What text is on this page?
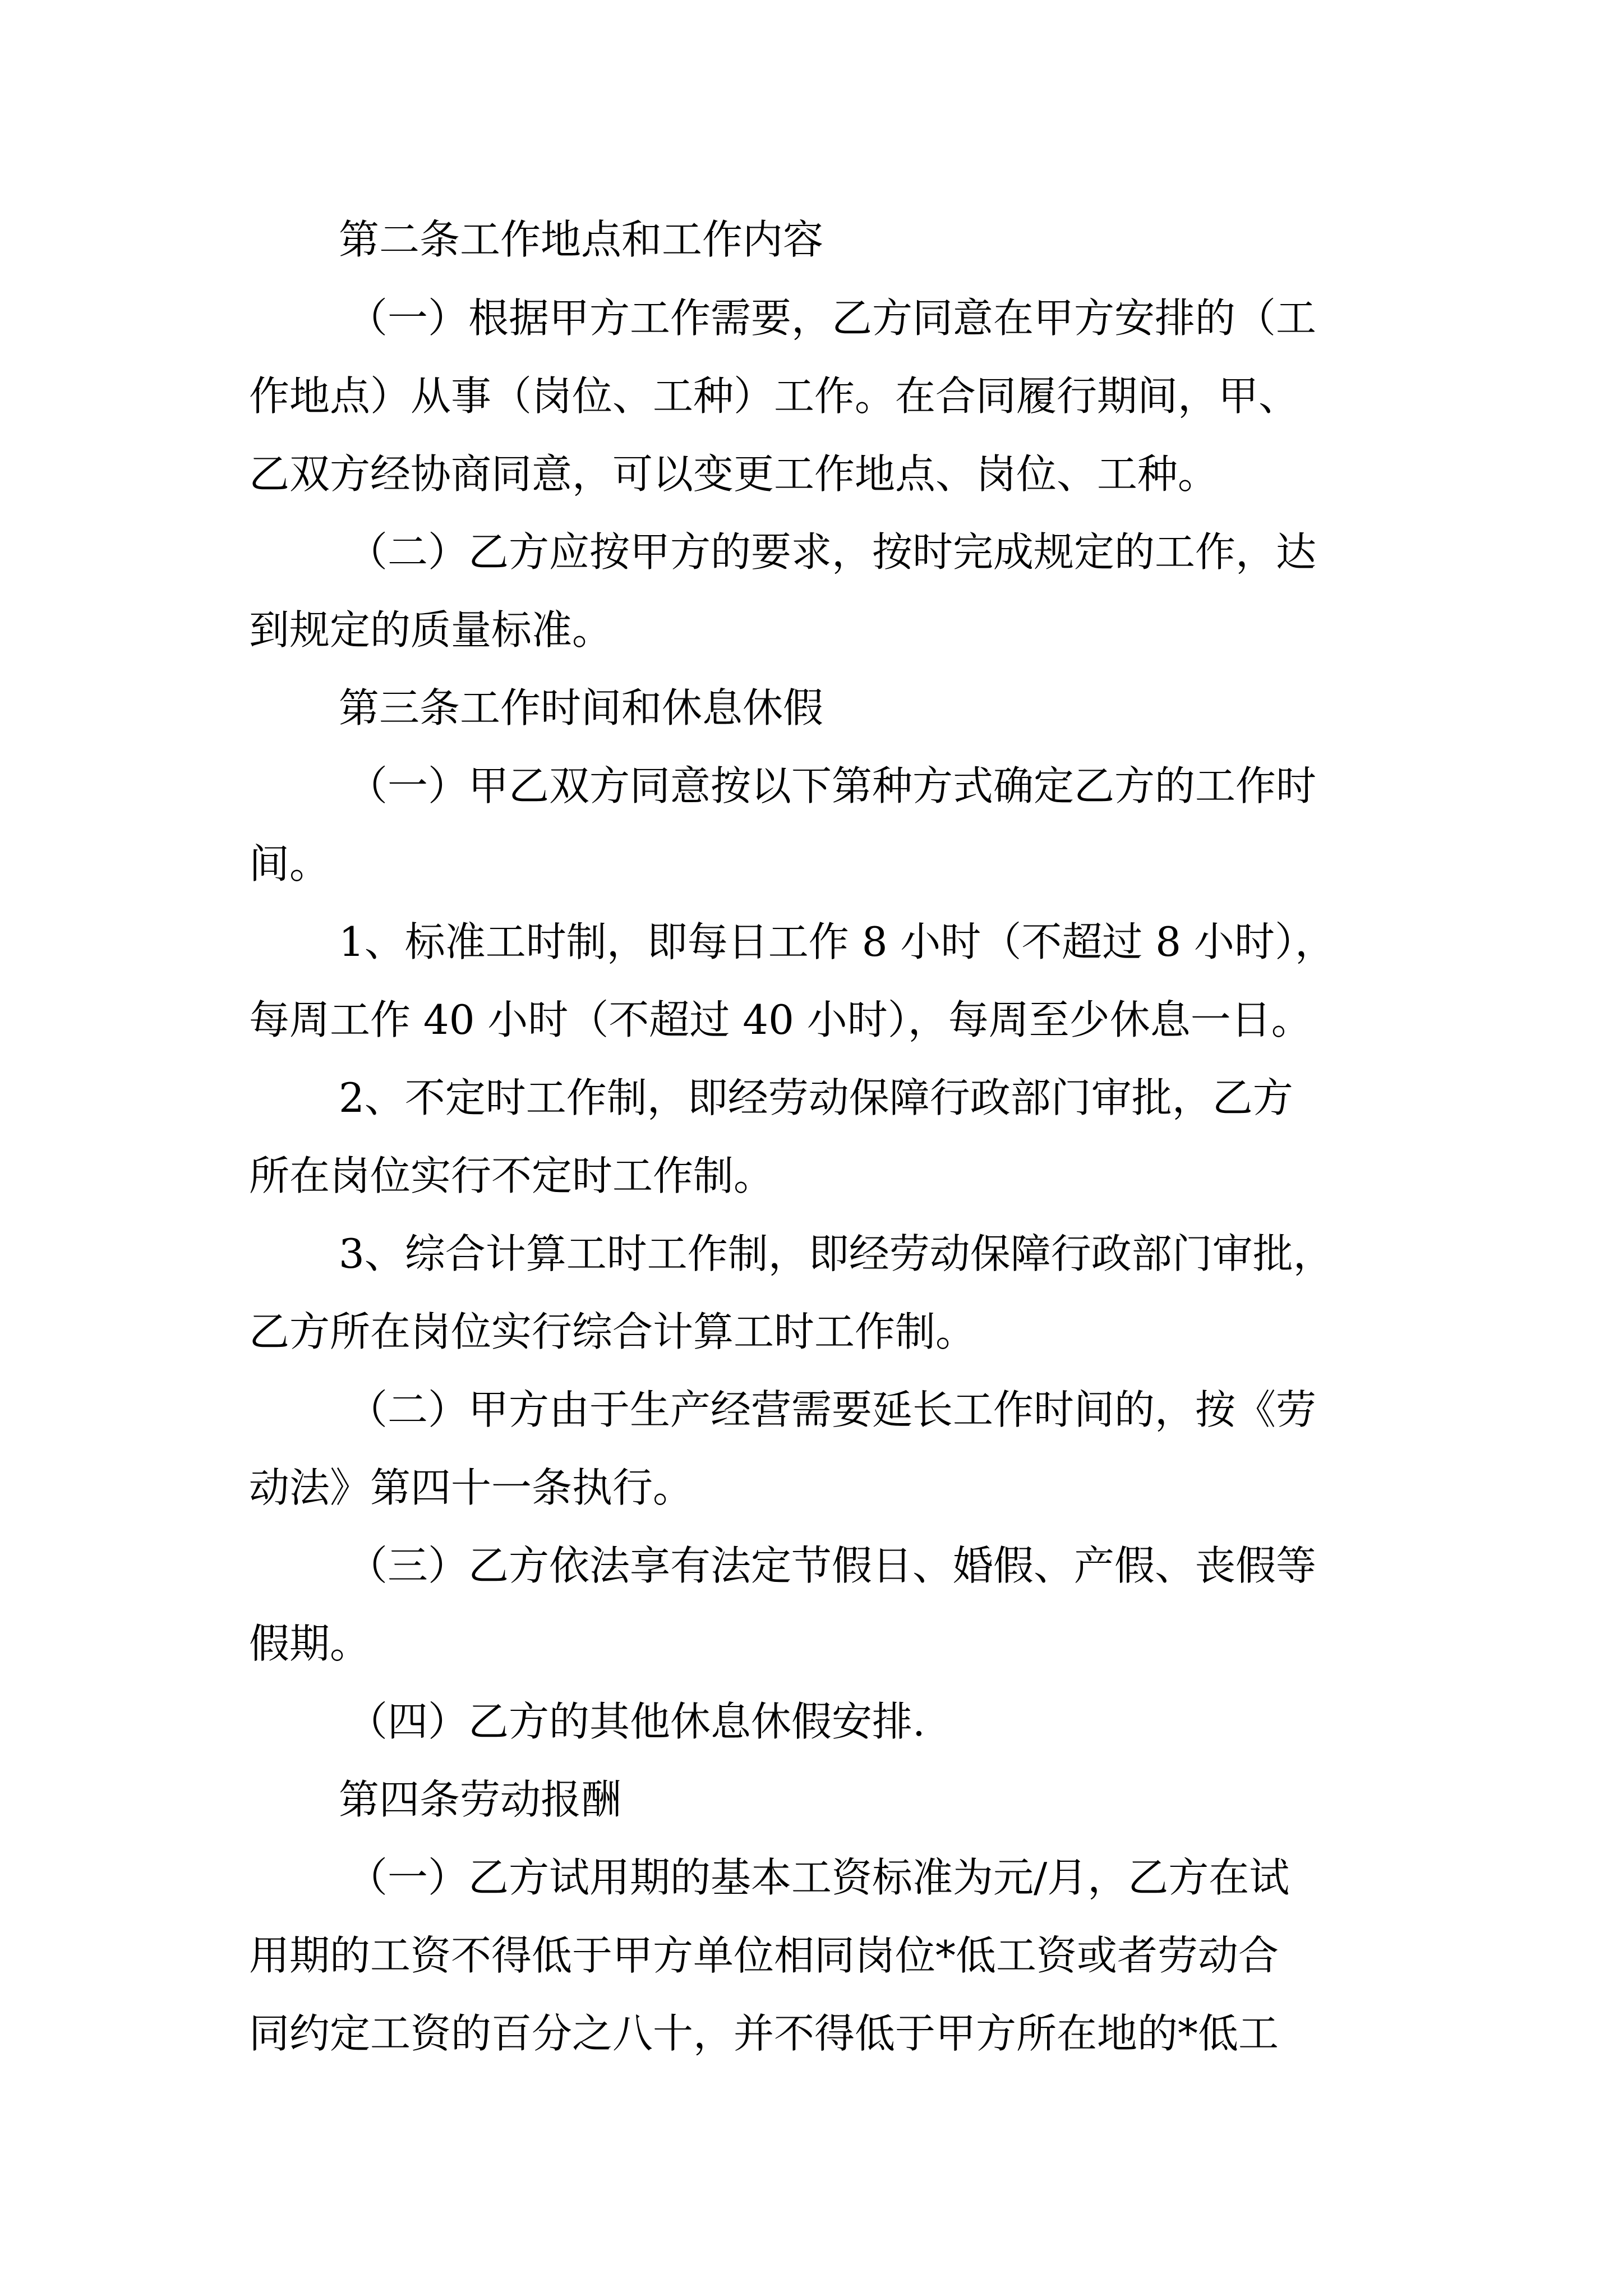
第二条工作地点和工作内容
（一）根据甲方工作需要，乙方同意在甲方安排的（工
作地点）从事（岗位、工种）工作。在合同履行期间，甲、
乙双方经协商同意，可以变更工作地点、岗位、工种。
（二）乙方应按甲方的要求，按时完成规定的工作，达
到规定的质量标准。
第三条工作时间和休息休假
（一）甲乙双方同意按以下第种方式确定乙方的工作时
间。
1、标准工时制，即每日工作 8 小时（不超过 8 小时），
每周工作 40 小时（不超过 40 小时），每周至少休息一日。
2、不定时工作制，即经劳动保障行政部门审批，乙方
所在岗位实行不定时工作制。
3、综合计算工时工作制，即经劳动保障行政部门审批，
乙方所在岗位实行综合计算工时工作制。
（二）甲方由于生产经营需要延长工作时间的，按《劳
动法》第四十一条执行。
（三）乙方依法享有法定节假日、婚假、产假、丧假等
假期。
（四）乙方的其他休息休假安排.
第四条劳动报酬
（一）乙方试用期的基本工资标准为元/月，乙方在试
用期的工资不得低于甲方单位相同岗位*低工资或者劳动合
同约定工资的百分之八十，并不得低于甲方所在地的*低工
